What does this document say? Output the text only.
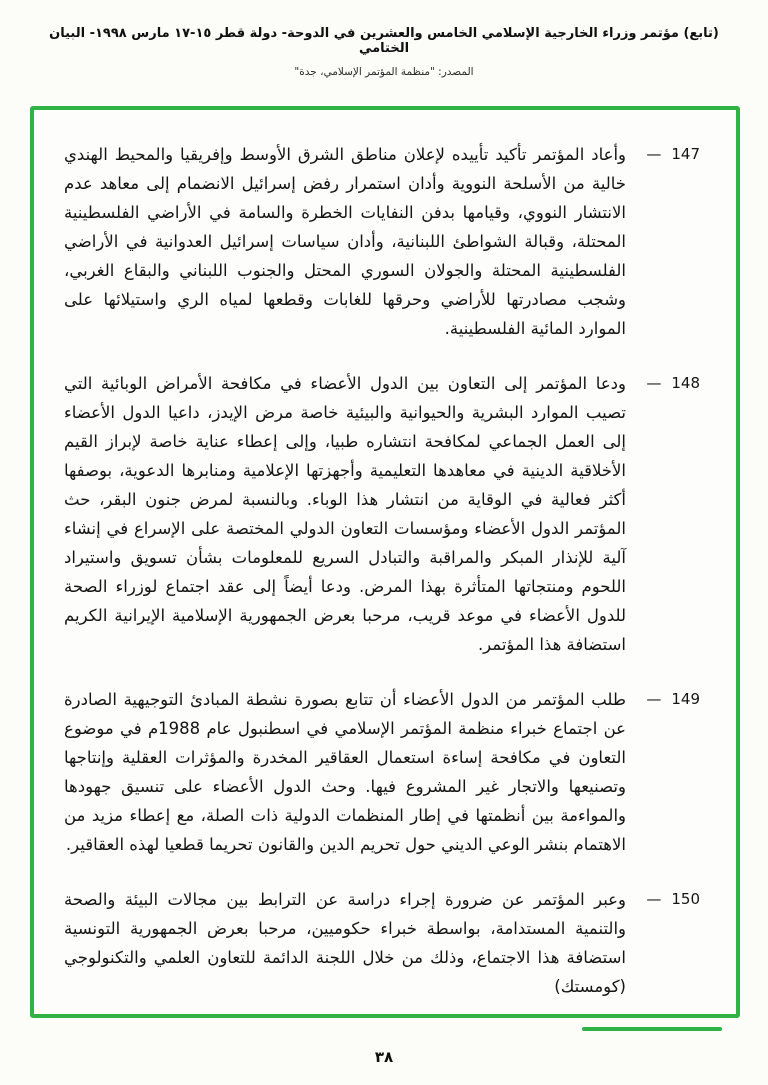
(تابع) مؤتمر وزراء الخارجية الإسلامي الخامس والعشرين في الدوحة- دولة قطر ١٥-١٧ مارس ١٩٩٨- البيان الختامي
المصدر: "منظمة المؤتمر الإسلامي، جدة"
147
—
وأعاد المؤتمر تأكيد تأييده لإعلان مناطق الشرق الأوسط وإفريقيا والمحيط الهندي خالية من الأسلحة النووية وأدان استمرار رفض إسرائيل الانضمام إلى معاهد عدم الانتشار النووي، وقيامها بدفن النفايات الخطرة والسامة في الأراضي الفلسطينية المحتلة، وقبالة الشواطئ اللبنانية، وأدان سياسات إسرائيل العدوانية في الأراضي الفلسطينية المحتلة والجولان السوري المحتل والجنوب اللبناني والبقاع الغربي، وشجب مصادرتها للأراضي وحرقها للغابات وقطعها لمياه الري واستيلائها على الموارد المائية الفلسطينية.
148
—
ودعا المؤتمر إلى التعاون بين الدول الأعضاء في مكافحة الأمراض الوبائية التي تصيب الموارد البشرية والحيوانية والبيئية خاصة مرض الإيدز، داعيا الدول الأعضاء إلى العمل الجماعي لمكافحة انتشاره طبيا، وإلى إعطاء عناية خاصة لإبراز القيم الأخلاقية الدينية في معاهدها التعليمية وأجهزتها الإعلامية ومنابرها الدعوية، بوصفها أكثر فعالية في الوقاية من انتشار هذا الوباء. وبالنسبة لمرض جنون البقر، حث المؤتمر الدول الأعضاء ومؤسسات التعاون الدولي المختصة على الإسراع في إنشاء آلية للإنذار المبكر والمراقبة والتبادل السريع للمعلومات بشأن تسويق واستيراد اللحوم ومنتجاتها المتأثرة بهذا المرض. ودعا أيضاً إلى عقد اجتماع لوزراء الصحة للدول الأعضاء في موعد قريب، مرحبا بعرض الجمهورية الإسلامية الإيرانية الكريم استضافة هذا المؤتمر.
149
—
طلب المؤتمر من الدول الأعضاء أن تتابع بصورة نشطة المبادئ التوجيهية الصادرة عن اجتماع خبراء منظمة المؤتمر الإسلامي في اسطنبول عام 1988م في موضوع التعاون في مكافحة إساءة استعمال العقاقير المخدرة والمؤثرات العقلية وإنتاجها وتصنيعها والاتجار غير المشروع فيها. وحث الدول الأعضاء على تنسيق جهودها والمواءمة بين أنظمتها في إطار المنظمات الدولية ذات الصلة، مع إعطاء مزيد من الاهتمام بنشر الوعي الديني حول تحريم الدين والقانون تحريما قطعيا لهذه العقاقير.
150
—
وعبر المؤتمر عن ضرورة إجراء دراسة عن الترابط بين مجالات البيئة والصحة والتنمية المستدامة، بواسطة خبراء حكوميين، مرحبا بعرض الجمهورية التونسية استضافة هذا الاجتماع، وذلك من خلال اللجنة الدائمة للتعاون العلمي والتكنولوجي (كومستك)
٣٨
